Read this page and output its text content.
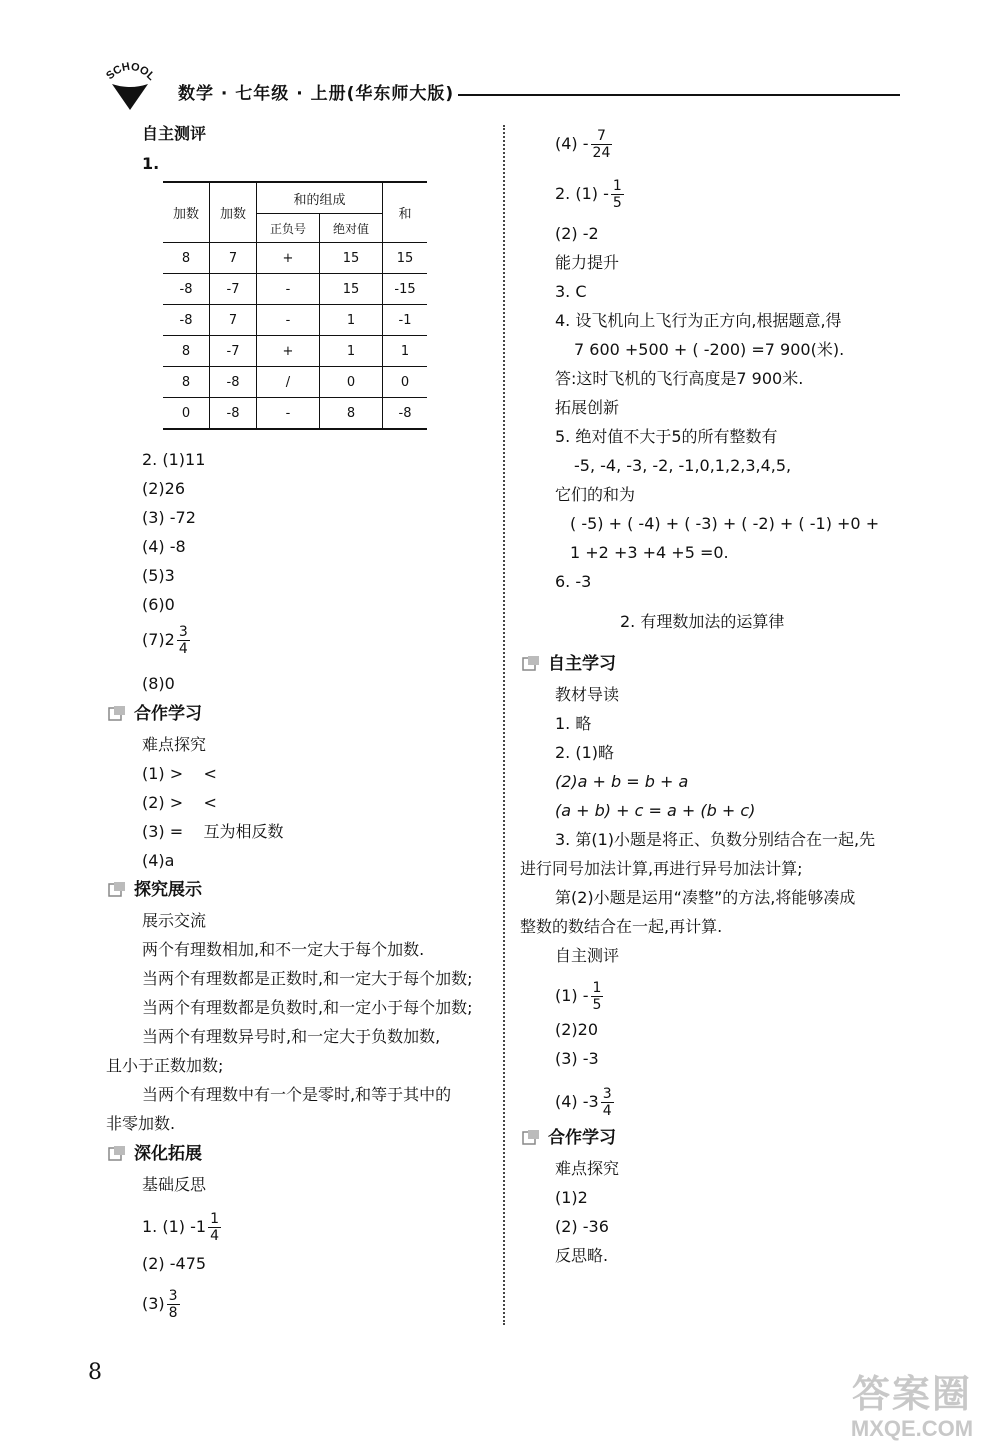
SCHOOL
数学 · 七年级 · 上册(华东师大版)
自主测评
1.
加数	加数	和的组成		和
		正负号	绝对值	
8	7	+	15	15
-8	-7	-	15	-15
-8	7	-	1	-1
8	-7	+	1	1
8	-8	/	0	0
0	-8	-	8	-8
2. (1)11
(2)26
(3) -72
(4) -8
(5)3
(6)0
$(7)2 \frac{3}{4}$
(8)0
合作学习
难点探究
(1) >    <
(2) >    <
(3) =    互为相反数
(4)a
探究展示
展示交流
两个有理数相加,和不一定大于每个加数.
当两个有理数都是正数时,和一定大于每个加数;
当两个有理数都是负数时,和一定小于每个加数;
当两个有理数异号时,和一定大于负数加数,
且小于正数加数;
当两个有理数中有一个是零时,和等于其中的
非零加数.
深化拓展
基础反思
1. (1) $-1 \frac{1}{4}$
(2) -475
$(3) \frac{3}{8}$
$(4) - \frac{7}{24}$
2. $(1) - \frac{1}{5}$
(2) -2
能力提升
3. C
4. 设飞机向上飞行为正方向,根据题意,得
7 600 +500 + ( -200) =7 900(米).
答:这时飞机的飞行高度是7 900米.
拓展创新
5. 绝对值不大于5的所有整数有
-5, -4, -3, -2, -1,0,1,2,3,4,5,
它们的和为
( -5) + ( -4) + ( -3) + ( -2) + ( -1) +0 +
1 +2 +3 +4 +5 =0.
6. -3
2. 有理数加法的运算律
自主学习
教材导读
1. 略
2. (1)略
(2)a + b = b + a
(a + b) + c = a + (b + c)
3. 第(1)小题是将正、负数分别结合在一起,先
进行同号加法计算,再进行异号加法计算;
第(2)小题是运用“凑整”的方法,将能够凑成
整数的数结合在一起,再计算.
自主测评
$(1) - \frac{1}{5}$
(2)20
(3) -3
(4) $-3 \frac{3}{4}$
合作学习
难点探究
(1)2
(2) -36
反思略.
8	答案圈
MXQE.COM
